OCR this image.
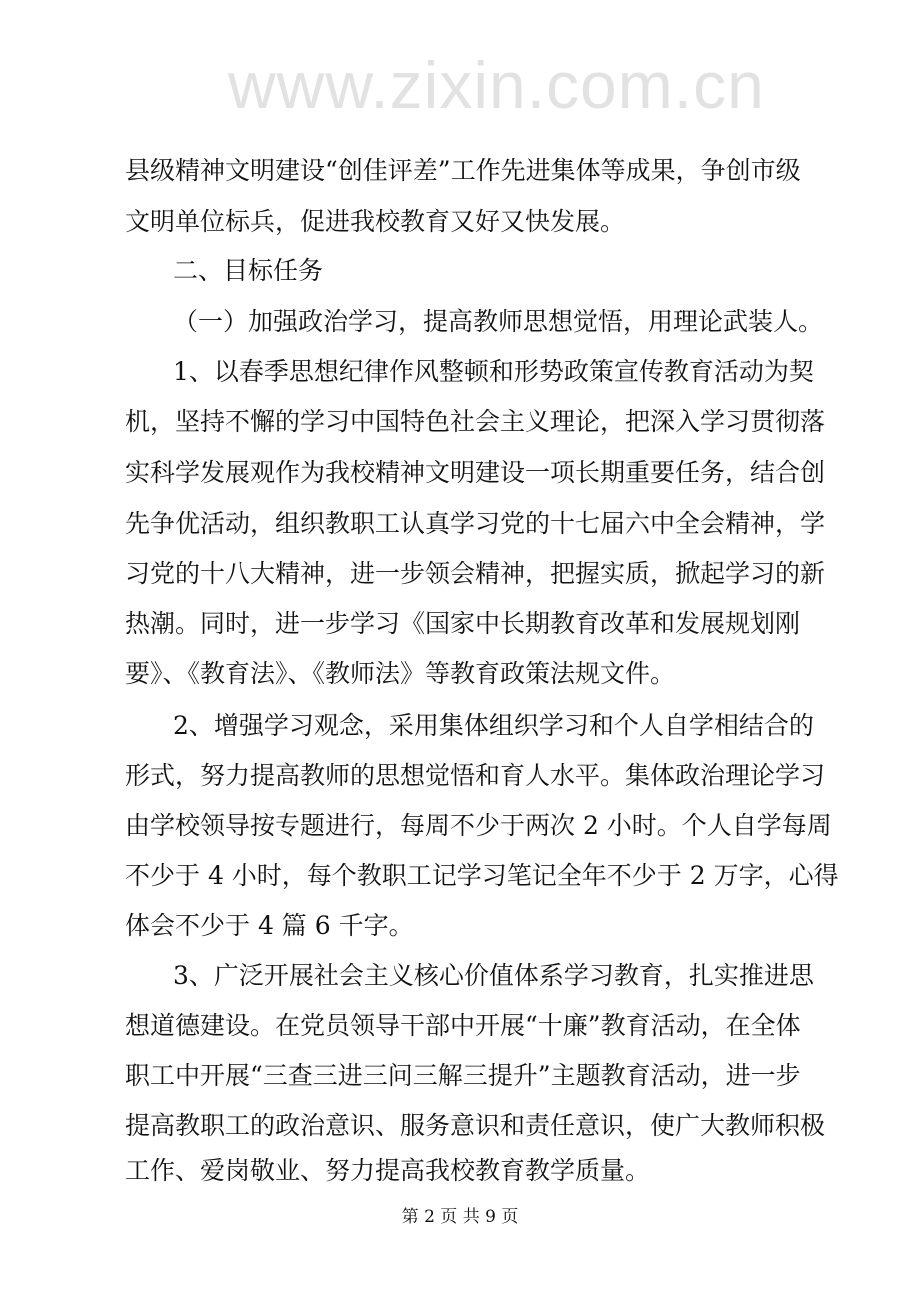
www.zixin.com.cn
县级精神文明建设“创佳评差”工作先进集体等成果，争创市级
文明单位标兵，促进我校教育又好又快发展。
二、目标任务
（一）加强政治学习，提高教师思想觉悟，用理论武装人。
1、以春季思想纪律作风整顿和形势政策宣传教育活动为契
机，坚持不懈的学习中国特色社会主义理论，把深入学习贯彻落
实科学发展观作为我校精神文明建设一项长期重要任务，结合创
先争优活动，组织教职工认真学习党的十七届六中全会精神，学
习党的十八大精神，进一步领会精神，把握实质，掀起学习的新
热潮。同时，进一步学习《国家中长期教育改革和发展规划刚
要》、《教育法》、《教师法》等教育政策法规文件。
2、增强学习观念，采用集体组织学习和个人自学相结合的
形式，努力提高教师的思想觉悟和育人水平。集体政治理论学习
由学校领导按专题进行，每周不少于两次 2 小时。个人自学每周
不少于 4 小时，每个教职工记学习笔记全年不少于 2 万字，心得
体会不少于 4 篇 6 千字。
3、广泛开展社会主义核心价值体系学习教育，扎实推进思
想道德建设。在党员领导干部中开展“十廉”教育活动，在全体
职工中开展“三查三进三问三解三提升”主题教育活动，进一步
提高教职工的政治意识、服务意识和责任意识，使广大教师积极
工作、爱岗敬业、努力提高我校教育教学质量。
第 2 页 共 9 页
